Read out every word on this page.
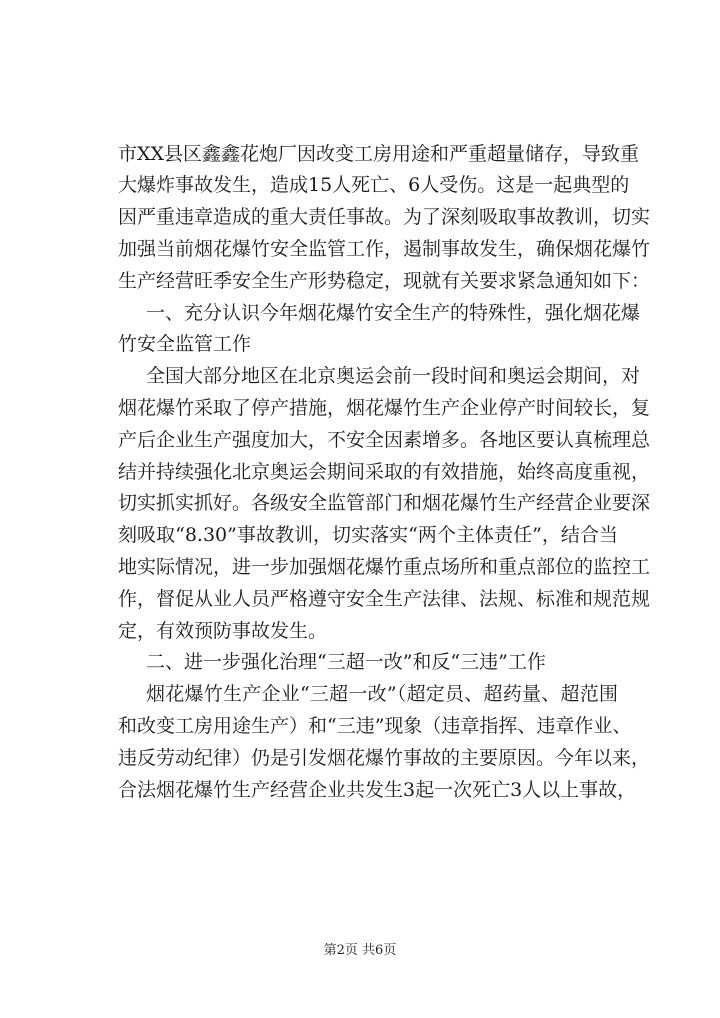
市XX县区鑫鑫花炮厂因改变工房用途和严重超量储存，导致重
大爆炸事故发生，造成15人死亡、6人受伤。这是一起典型的
因严重违章造成的重大责任事故。为了深刻吸取事故教训，切实
加强当前烟花爆竹安全监管工作，遏制事故发生，确保烟花爆竹
生产经营旺季安全生产形势稳定，现就有关要求紧急通知如下：
一、充分认识今年烟花爆竹安全生产的特殊性，强化烟花爆
竹安全监管工作
全国大部分地区在北京奥运会前一段时间和奥运会期间，对
烟花爆竹采取了停产措施，烟花爆竹生产企业停产时间较长，复
产后企业生产强度加大，不安全因素增多。各地区要认真梳理总
结并持续强化北京奥运会期间采取的有效措施，始终高度重视，
切实抓实抓好。各级安全监管部门和烟花爆竹生产经营企业要深
刻吸取“8.30”事故教训，切实落实“两个主体责任”，结合当
地实际情况，进一步加强烟花爆竹重点场所和重点部位的监控工
作，督促从业人员严格遵守安全生产法律、法规、标准和规范规
定，有效预防事故发生。
二、进一步强化治理“三超一改”和反“三违”工作
烟花爆竹生产企业“三超一改”（超定员、超药量、超范围
和改变工房用途生产）和“三违”现象（违章指挥、违章作业、
违反劳动纪律）仍是引发烟花爆竹事故的主要原因。今年以来，
合法烟花爆竹生产经营企业共发生3起一次死亡3人以上事故，
第2页 共6页
